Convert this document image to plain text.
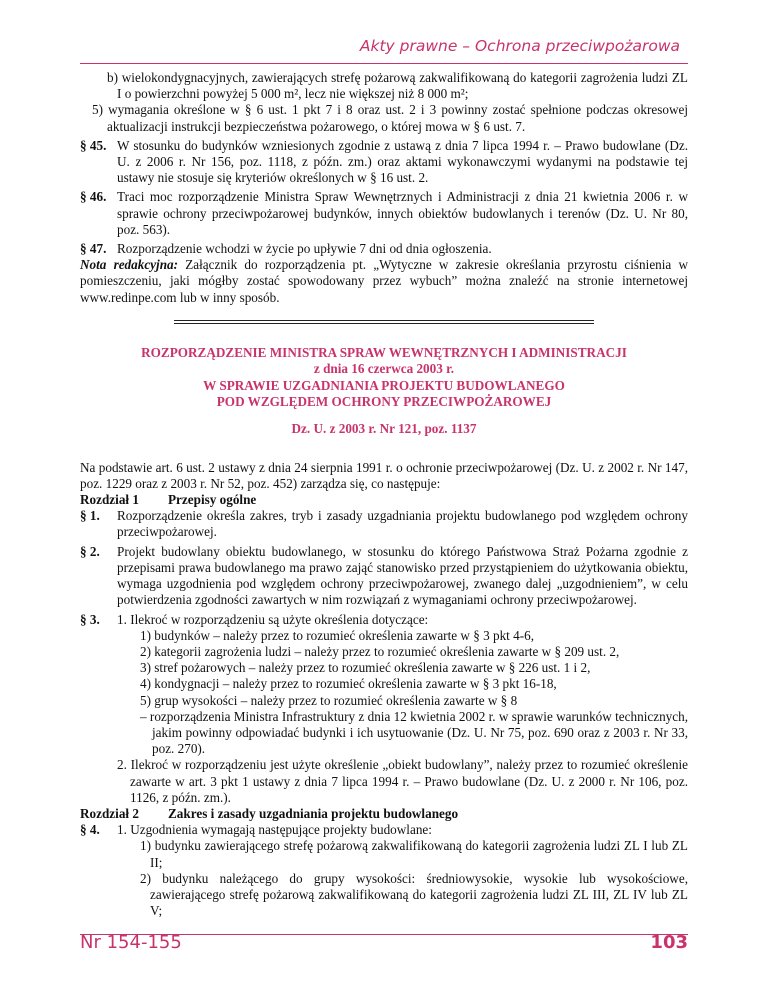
Akty prawne – Ochrona przeciwpożarowa

b) wielokondygnacyjnych, zawierających strefę pożarową zakwalifikowaną do kategorii zagrożenia ludzi ZL I o powierzchni powyżej 5 000 m², lecz nie większej niż 8 000 m²;

5) wymagania określone w § 6 ust. 1 pkt 7 i 8 oraz ust. 2 i 3 powinny zostać spełnione podczas okresowej aktualizacji instrukcji bezpieczeństwa pożarowego, o której mowa w § 6 ust. 7.

§ 45. W stosunku do budynków wzniesionych zgodnie z ustawą z dnia 7 lipca 1994 r. – Prawo budowlane (Dz. U. z 2006 r. Nr 156, poz. 1118, z późn. zm.) oraz aktami wykonawczymi wydanymi na podstawie tej ustawy nie stosuje się kryteriów określonych w § 16 ust. 2.
§ 46. Traci moc rozporządzenie Ministra Spraw Wewnętrznych i Administracji z dnia 21 kwietnia 2006 r. w sprawie ochrony przeciwpożarowej budynków, innych obiektów budowlanych i terenów (Dz. U. Nr 80, poz. 563).
§ 47. Rozporządzenie wchodzi w życie po upływie 7 dni od dnia ogłoszenia.

Nota redakcyjna: Załącznik do rozporządzenia pt. „Wytyczne w zakresie określania przyrostu ciśnienia w pomieszczeniu, jaki mógłby zostać spowodowany przez wybuch” można znaleźć na stronie internetowej www.redinpe.com lub w inny sposób.

ROZPORZĄDZENIE MINISTRA SPRAW WEWNĘTRZNYCH I ADMINISTRACJI
z dnia 16 czerwca 2003 r.
W SPRAWIE UZGADNIANIA PROJEKTU BUDOWLANEGO
POD WZGLĘDEM OCHRONY PRZECIWPOŻAROWEJ
Dz. U. z 2003 r. Nr 121, poz. 1137

Na podstawie art. 6 ust. 2 ustawy z dnia 24 sierpnia 1991 r. o ochronie przeciwpożarowej (Dz. U. z 2002 r. Nr 147, poz. 1229 oraz z 2003 r. Nr 52, poz. 452) zarządza się, co następuje:

Rozdział 1 Przepisy ogólne

§ 1.	Rozporządzenie określa zakres, tryb i zasady uzgadniania projektu budowlanego pod względem ochrony przeciwpożarowej.
§ 2.	Projekt budowlany obiektu budowlanego, w stosunku do którego Państwowa Straż Pożarna zgodnie z przepisami prawa budowlanego ma prawo zająć stanowisko przed przystąpieniem do użytkowania obiektu, wymaga uzgodnienia pod względem ochrony przeciwpożarowej, zwanego dalej „uzgodnieniem”, w celu potwierdzenia zgodności zawartych w nim rozwiązań z wymaganiami ochrony przeciwpożarowej.
§ 3.	1. Ilekroć w rozporządzeniu są użyte określenia dotyczące:
1) budynków – należy przez to rozumieć określenia zawarte w § 3 pkt 4-6,
2) kategorii zagrożenia ludzi – należy przez to rozumieć określenia zawarte w § 209 ust. 2,
3) stref pożarowych – należy przez to rozumieć określenia zawarte w § 226 ust. 1 i 2,
4) kondygnacji – należy przez to rozumieć określenia zawarte w § 3 pkt 16-18,
5) grup wysokości – należy przez to rozumieć określenia zawarte w § 8
– rozporządzenia Ministra Infrastruktury z dnia 12 kwietnia 2002 r. w sprawie warunków technicznych, jakim powinny odpowiadać budynki i ich usytuowanie (Dz. U. Nr 75, poz. 690 oraz z 2003 r. Nr 33, poz. 270).
2. Ilekroć w rozporządzeniu jest użyte określenie „obiekt budowlany”, należy przez to rozumieć określenie zawarte w art. 3 pkt 1 ustawy z dnia 7 lipca 1994 r. – Prawo budowlane (Dz. U. z 2000 r. Nr 106, poz. 1126, z późn. zm.).

Rozdział 2 Zakres i zasady uzgadniania projektu budowlanego

§ 4.	1. Uzgodnienia wymagają następujące projekty budowlane:
1) budynku zawierającego strefę pożarową zakwalifikowaną do kategorii zagrożenia ludzi ZL I lub ZL II;
2) budynku należącego do grupy wysokości: średniowysokie, wysokie lub wysokościowe, zawierającego strefę pożarową zakwalifikowaną do kategorii zagrożenia ludzi ZL III, ZL IV lub ZL V;
Nr 154-155	103
